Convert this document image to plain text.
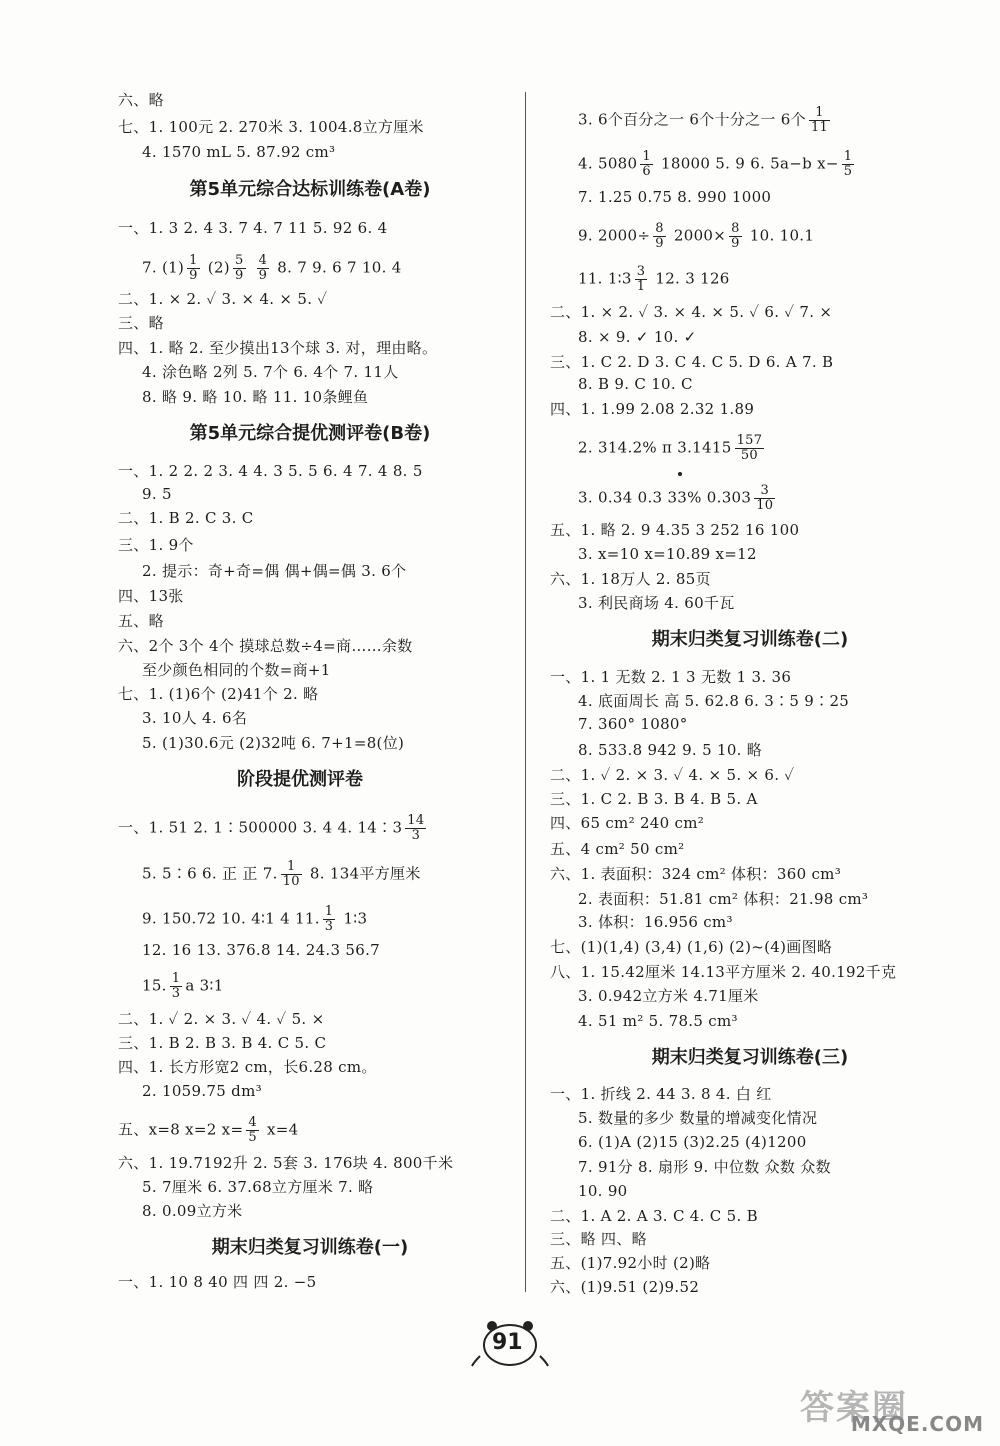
六、略
七、1. 100元 2. 270米 3. 1004.8立方厘米
4. 1570 mL 5. 87.92 cm³
第5单元综合达标训练卷(A卷)
一、1. 3 2. 4 3. 7 4. 7 11 5. 92 6. 4
7. $(1) \frac{1}{9} (2) \frac{5}{9}$
$\frac{4}{9} 8$. 7 9. 6 7 10. 4
二、1. × 2. ✓ 3. × 4. × 5. ✓
三、略
四、1. 略 2. 至少摸出13个球 3. 对，理由略。
4. 涂色略 2列 5. 7个 6. 4个 7. 11人
8. 略 9. 略 10. 略 11. 10条鲤鱼
第5单元综合提优测评卷(B卷)
一、1. 2 2. 2 3. 4 4. 3 5. 5 6. 4 7. 4 8. 5
9. 5
二、1. B 2. C 3. C
三、1. 9个
2. 提示：奇+奇=偶 偶+偶=偶 3. 6个
四、13张
五、略
六、2个 3个 4个 摸球总数÷4=商……余数
至少颜色相同的个数=商+1
七、1. (1)6个 (2)41个 2. 略
3. 10人 4. 6名
5. (1)30.6元 (2)32吨 6. 7+1=8(位)
阶段提优测评卷
一、1. 51 2. 1∶500000 3. 4 4. 14∶3 $\frac{14}{3}$
5. 5∶6 6. 正 正 7. $\frac{1}{10} 8$. 134平方厘米
9. 150.72 10. 4∶1 4 11. $\frac{1}{3}$ 1∶3
12. 16 13. 376.8 14. 24.3 56.7
15. $\frac{1}{3}$ a 3∶1
二、1. ✓ 2. × 3. ✓ 4. ✓ 5. ×
三、1. B 2. B 3. B 4. C 5. C
四、1. 长方形宽2 cm，长6.28 cm。
2. 1059.75 dm³
五、x=8 x=2 $x= \frac{4}{5} x=4$
六、1. 19.7192升 2. 5套 3. 176块 4. 800千米
5. 7厘米 6. 37.68立方厘米 7. 略
8. 0.09立方米
期末归类复习训练卷(一)
一、1. 10 8 40 四 四 2. −5
3. 6个百分之一 6个十分之一 6个 $\frac{1}{11}$
4. $5080 \frac{1}{6} 18000$ 5. 9 6. 5a−b $x- \frac{1}{5}$
7. 1.25 0.75 8. 990 1000
9. $2000\div \frac{8}{9} 2000\times \frac{8}{9} 10$. 10.1
11. 1∶3 $\frac{3}{1} 12$. 3 126
二、1. × 2. ✓ 3. × 4. × 5. ✓ 6. ✓ 7. ×
8. × 9. ✓ 10. ✓
三、1. C 2. D 3. C 4. C 5. D 6. A 7. B
8. B 9. C 10. C
四、1. 1.99 2.08 2.32 1.89
2. 314.2% π $3.1415 \frac{157}{50}$
3. 0.34 0.3 33% $0.303 \frac{3}{10}$
五、1. 略 2. 9 4.35 3 252 16 100
3. x=10 x=10.89 x=12
六、1. 18万人 2. 85页
3. 利民商场 4. 60千瓦
期末归类复习训练卷(二)
一、1. 1 无数 2. 1 3 无数 1 3. 36
4. 底面周长 高 5. 62.8 6. 3∶5 9∶25
7. 360° 1080°
8. 533.8 942 9. 5 10. 略
二、1. ✓ 2. × 3. ✓ 4. × 5. × 6. ✓
三、1. C 2. B 3. B 4. B 5. A
四、65 cm² 240 cm²
五、4 cm² 50 cm²
六、1. 表面积：324 cm² 体积：360 cm³
2. 表面积：51.81 cm² 体积：21.98 cm³
3. 体积：16.956 cm³
七、(1)(1,4) (3,4) (1,6) (2)~(4)画图略
八、1. 15.42厘米 14.13平方厘米 2. 40.192千克
3. 0.942立方米 4.71厘米
4. 51 m² 5. 78.5 cm³
期末归类复习训练卷(三)
一、1. 折线 2. 44 3. 8 4. 白 红
5. 数量的多少 数量的增减变化情况
6. (1)A (2)15 (3)2.25 (4)1200
7. 91分 8. 扇形 9. 中位数 众数 众数
10. 90
二、1. A 2. A 3. C 4. C 5. B
三、略 四、略
五、(1)7.92小时 (2)略
六、(1)9.51 (2)9.52
91
答案圈
MXQE.COM
